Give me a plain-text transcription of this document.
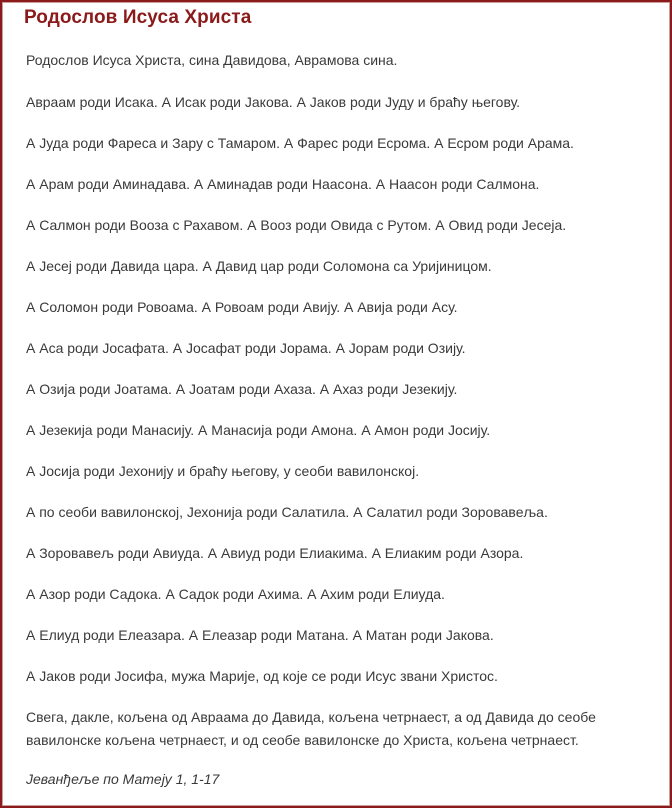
Родослов Исуса Христа

Родослов Исуса Христа, сина Давидова, Аврамова сина.

Авраам роди Исака. А Исак роди Јакова. А Јаков роди Јуду и браћу његову.

А Јуда роди Фареса и Зару с Тамаром. А Фарес роди Есрома. А Есром роди Арама.

А Арам роди Аминадава. А Аминадав роди Наасона. А Наасон роди Салмона.

А Салмон роди Вооза с Рахавом. А Вооз роди Овида с Рутом. А Овид роди Јесеја.

А Јесеј роди Давида цара. А Давид цар роди Соломона са Уријиницом.

А Соломон роди Ровоама. А Ровоам роди Авију. А Авија роди Асу.

А Аса роди Јосафата. А Јосафат роди Јорама. А Јорам роди Озију.

А Озија роди Јоатама. А Јоатам роди Ахаза. А Ахаз роди Језекију.

А Језекија роди Манасију. А Манасија роди Амона. А Амон роди Јосију.

А Јосија роди Јехонију и браћу његову, у сеоби вавилонској.

А по сеоби вавилонској, Јехонија роди Салатила. А Салатил роди Зоровавеља.

А Зоровавељ роди Авиуда. А Авиуд роди Елиакима. А Елиаким роди Азора.

А Азор роди Садока. А Садок роди Ахима. А Ахим роди Елиуда.

А Елиуд роди Елеазара. А Елеазар роди Матана. А Матан роди Јакова.

А Јаков роди Јосифа, мужа Марије, од које се роди Исус звани Христос.

Свега, дакле, кољена од Авраама до Давида, кољена четрнаест, а од Давида до сеобе вавилонске кољена четрнаест, и од сеобе вавилонске до Христа, кољена четрнаест.

Јеванђеље по Матеју 1, 1-17
